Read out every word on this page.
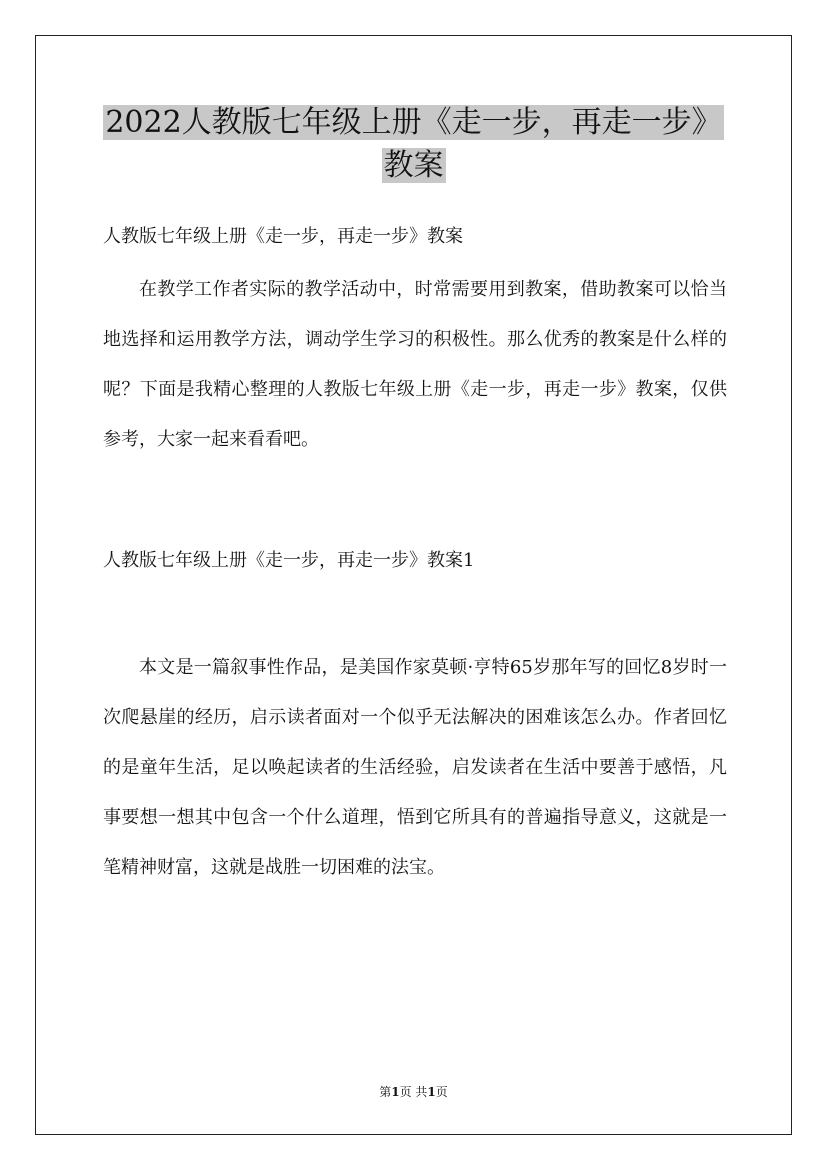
2022人教版七年级上册《走一步，再走一步》
教案

人教版七年级上册《走一步，再走一步》教案

在教学工作者实际的教学活动中，时常需要用到教案，借助教案可以恰当地选择和运用教学方法，调动学生学习的积极性。那么优秀的教案是什么样的呢？下面是我精心整理的人教版七年级上册《走一步，再走一步》教案，仅供参考，大家一起来看看吧。

人教版七年级上册《走一步，再走一步》教案1

本文是一篇叙事性作品，是美国作家莫顿·亨特65岁那年写的回忆8岁时一次爬悬崖的经历，启示读者面对一个似乎无法解决的困难该怎么办。作者回忆的是童年生活，足以唤起读者的生活经验，启发读者在生活中要善于感悟，凡事要想一想其中包含一个什么道理，悟到它所具有的普遍指导意义，这就是一笔精神财富，这就是战胜一切困难的法宝。

第1页 共1页
